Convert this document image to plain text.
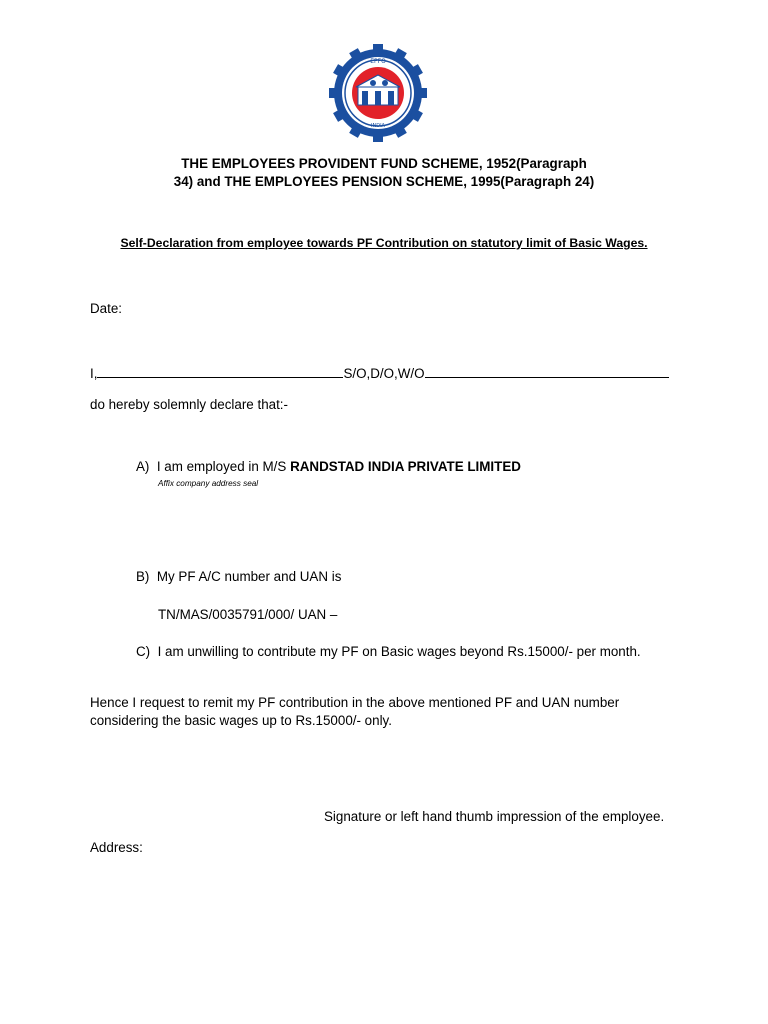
EPFO
INDIA
THE EMPLOYEES PROVIDENT FUND SCHEME, 1952(Paragraph
34) and THE EMPLOYEES PENSION SCHEME, 1995(Paragraph 24)
Self-Declaration from employee towards PF Contribution on statutory limit of Basic Wages.
Date:
I,	S/O,D/O,W/O
do hereby solemnly declare that:-
A) I am employed in M/S RANDSTAD INDIA PRIVATE LIMITED
Affix company address seal
B) My PF A/C number and UAN is
TN/MAS/0035791/000/ UAN –
C) I am unwilling to contribute my PF on Basic wages beyond Rs.15000/- per month.
Hence I request to remit my PF contribution in the above mentioned PF and UAN number
considering the basic wages up to Rs.15000/- only.
Signature or left hand thumb impression of the employee.
Address:
